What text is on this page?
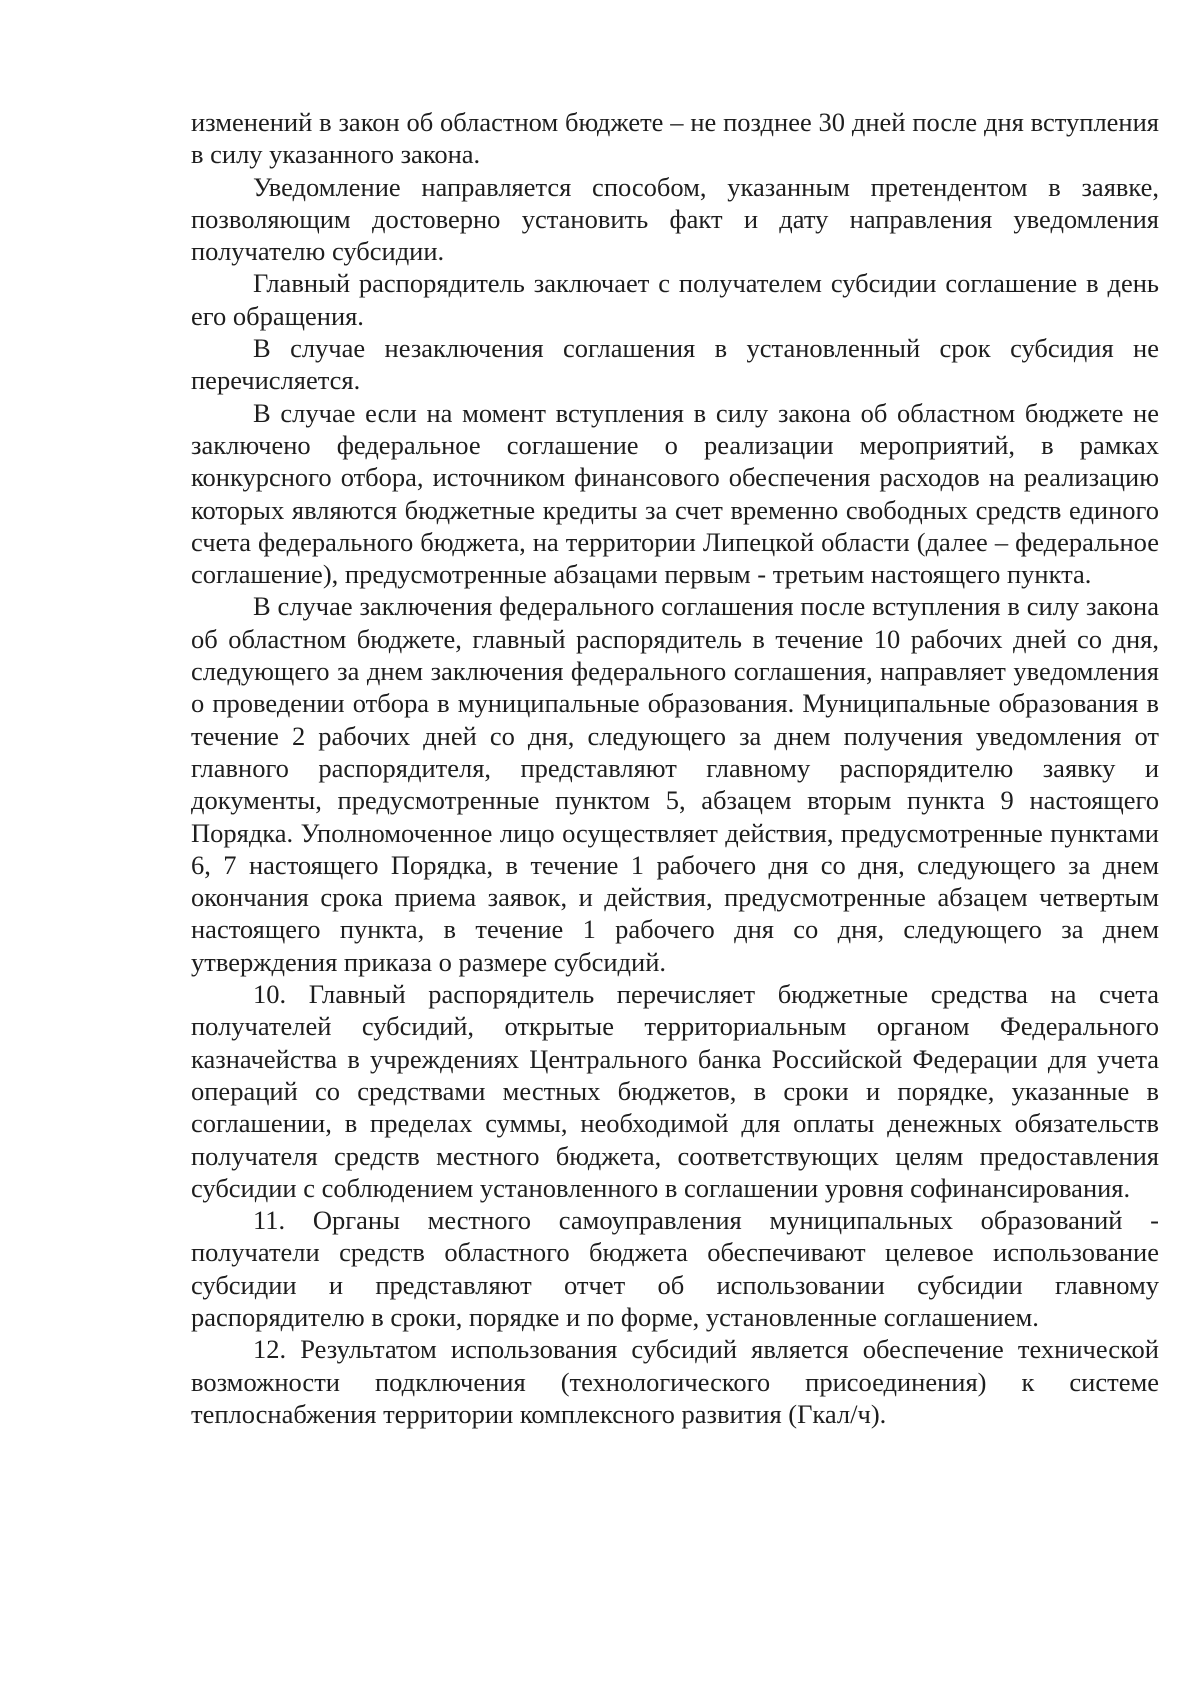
изменений в закон об областном бюджете – не позднее 30 дней после дня вступления в силу указанного закона.

Уведомление направляется способом, указанным претендентом в заявке, позволяющим достоверно установить факт и дату направления уведомления получателю субсидии.

Главный распорядитель заключает с получателем субсидии соглашение в день его обращения.

В случае незаключения соглашения в установленный срок субсидия не перечисляется.

В случае если на момент вступления в силу закона об областном бюджете не заключено федеральное соглашение о реализации мероприятий, в рамках конкурсного отбора, источником финансового обеспечения расходов на реализацию которых являются бюджетные кредиты за счет временно свободных средств единого счета федерального бюджета, на территории Липецкой области (далее – федеральное соглашение), предусмотренные абзацами первым - третьим настоящего пункта.

В случае заключения федерального соглашения после вступления в силу закона об областном бюджете, главный распорядитель в течение 10 рабочих дней со дня, следующего за днем заключения федерального соглашения, направляет уведомления о проведении отбора в муниципальные образования. Муниципальные образования в течение 2 рабочих дней со дня, следующего за днем получения уведомления от главного распорядителя, представляют главному распорядителю заявку и документы, предусмотренные пунктом 5, абзацем вторым пункта 9 настоящего Порядка. Уполномоченное лицо осуществляет действия, предусмотренные пунктами 6, 7 настоящего Порядка, в течение 1 рабочего дня со дня, следующего за днем окончания срока приема заявок, и действия, предусмотренные абзацем четвертым настоящего пункта, в течение 1 рабочего дня со дня, следующего за днем утверждения приказа о размере субсидий.

10. Главный распорядитель перечисляет бюджетные средства на счета получателей субсидий, открытые территориальным органом Федерального казначейства в учреждениях Центрального банка Российской Федерации для учета операций со средствами местных бюджетов, в сроки и порядке, указанные в соглашении, в пределах суммы, необходимой для оплаты денежных обязательств получателя средств местного бюджета, соответствующих целям предоставления субсидии с соблюдением установленного в соглашении уровня софинансирования.

11. Органы местного самоуправления муниципальных образований - получатели средств областного бюджета обеспечивают целевое использование субсидии и представляют отчет об использовании субсидии главному распорядителю в сроки, порядке и по форме, установленные соглашением.

12. Результатом использования субсидий является обеспечение технической возможности подключения (технологического присоединения) к системе теплоснабжения территории комплексного развития (Гкал/ч).
